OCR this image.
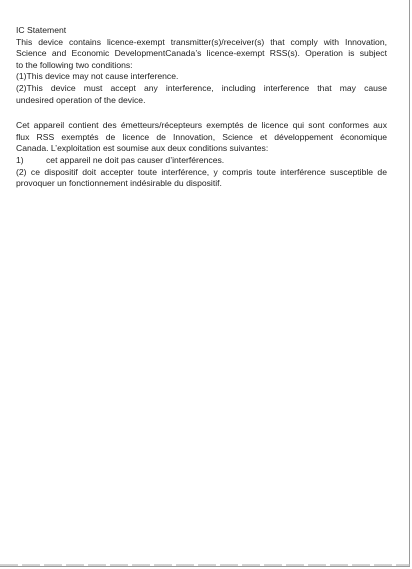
IC Statement
This device contains licence-exempt transmitter(s)/receiver(s) that comply with Innovation,
Science and Economic DevelopmentCanada’s licence-exempt RSS(s). Operation is subject
to the following two conditions:
(1)This device may not cause interference.
(2)This device must accept any interference, including interference that may cause
undesired operation of the device.
Cet appareil contient des émetteurs/récepteurs exemptés de licence qui sont conformes aux
flux RSS exemptés de licence de Innovation, Science et développement économique
Canada. L’exploitation est soumise aux deux conditions suivantes:
1)	cet appareil ne doit pas causer d’interférences.
(2) ce dispositif doit accepter toute interférence, y compris toute interférence susceptible de
provoquer un fonctionnement indésirable du dispositif.
